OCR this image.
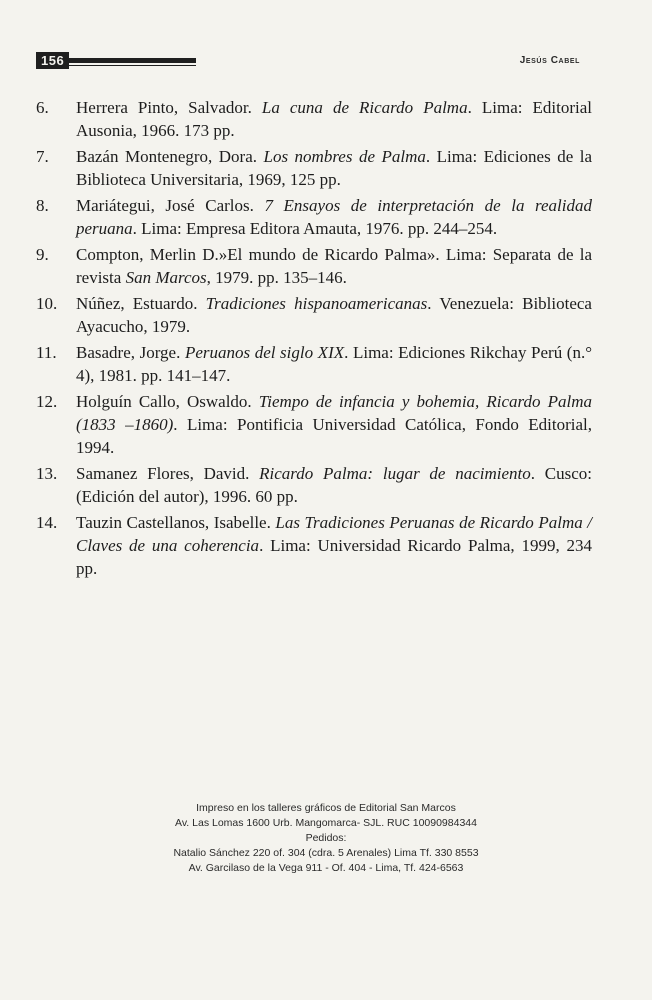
156	Jesús Cabel
6. Herrera Pinto, Salvador. La cuna de Ricardo Palma. Lima: Editorial Ausonia, 1966. 173 pp.
7. Bazán Montenegro, Dora. Los nombres de Palma. Lima: Ediciones de la Biblioteca Universitaria, 1969, 125 pp.
8. Mariátegui, José Carlos. 7 Ensayos de interpretación de la realidad peruana. Lima: Empresa Editora Amauta, 1976. pp. 244–254.
9. Compton, Merlin D.»El mundo de Ricardo Palma». Lima: Separata de la revista San Marcos, 1979. pp. 135–146.
10. Núñez, Estuardo. Tradiciones hispanoamericanas. Venezuela: Biblioteca Ayacucho, 1979.
11. Basadre, Jorge. Peruanos del siglo XIX. Lima: Ediciones Rikchay Perú (n.° 4), 1981. pp. 141–147.
12. Holguín Callo, Oswaldo. Tiempo de infancia y bohemia, Ricardo Palma (1833 –1860). Lima: Pontificia Universidad Católica, Fondo Editorial, 1994.
13. Samanez Flores, David. Ricardo Palma: lugar de nacimiento. Cusco: (Edición del autor), 1996. 60 pp.
14. Tauzin Castellanos, Isabelle. Las Tradiciones Peruanas de Ricardo Palma / Claves de una coherencia. Lima: Universidad Ricardo Palma, 1999, 234 pp.
Impreso en los talleres gráficos de Editorial San Marcos
Av. Las Lomas 1600 Urb. Mangomarca- SJL. RUC 10090984344
Pedidos:
Natalio Sánchez 220 of. 304 (cdra. 5 Arenales) Lima Tf. 330 8553
Av. Garcilaso de la Vega 911 - Of. 404 - Lima, Tf. 424-6563
